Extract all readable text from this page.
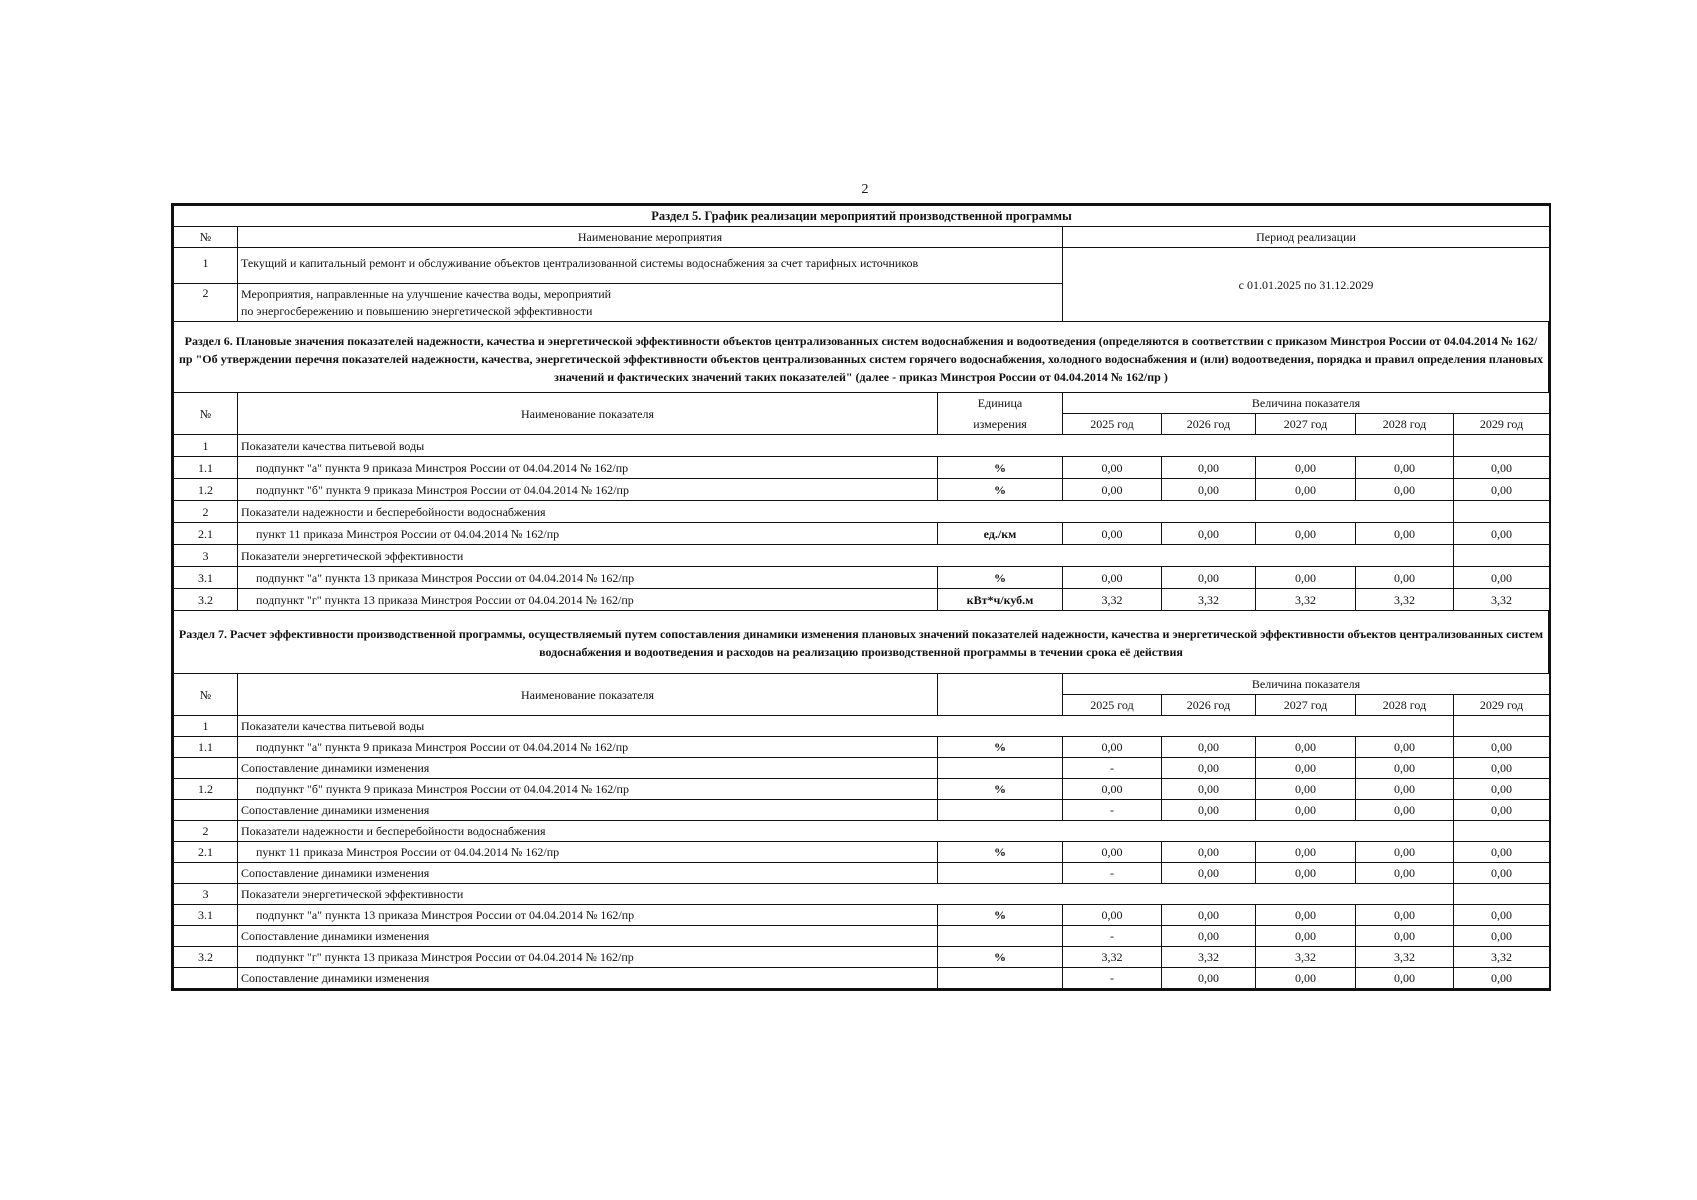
2
Раздел 5. График реализации мероприятий производственной программы		
№	Наименование мероприятия	Период реализации
1	Текущий и капитальный ремонт и обслуживание объектов централизованной системы водоснабжения за счет тарифных источников	с 01.01.2025 по 31.12.2029
2	Мероприятия, направленные на улучшение качества воды, мероприятий
по энергосбережению и повышению энергетической эффективности	
Раздел 6. Плановые значения показателей надежности, качества и энергетической эффективности объектов централизованных систем водоснабжения и водоотведения (определяются в соответствии с приказом Минстроя России от 04.04.2014 № 162/пр "Об утверждении перечня показателей надежности, качества, энергетической эффективности объектов централизованных систем горячего водоснабжения, холодного водоснабжения и (или) водоотведения, порядка и правил определения плановых значений и фактических значений таких показателей" (далее - приказ Минстроя России от 04.04.2014 № 162/пр )
№	Наименование показателя	Единица	Величина показателя					
		измерения	2025 год	2026 год	2027 год	2028 год	2029 год	
1	Показатели качества питьевой воды							
1.1	подпункт "а" пункта 9 приказа Минстроя России от 04.04.2014 № 162/пр	%	0,00	0,00	0,00	0,00	0,00	
1.2	подпункт "б" пункта 9 приказа Минстроя России от 04.04.2014 № 162/пр	%	0,00	0,00	0,00	0,00	0,00	
2	Показатели надежности и бесперебойности водоснабжения							
2.1	пункт 11 приказа Минстроя России от 04.04.2014 № 162/пр	ед./км	0,00	0,00	0,00	0,00	0,00	
3	Показатели энергетической эффективности							
3.1	подпункт "а" пункта 13 приказа Минстроя России от 04.04.2014 № 162/пр	%	0,00	0,00	0,00	0,00	0,00	
3.2	подпункт "г" пункта 13 приказа Минстроя России от 04.04.2014 № 162/пр	кВт*ч/куб.м	3,32	3,32	3,32	3,32	3,32	
Раздел 7. Расчет эффективности производственной программы, осуществляемый путем сопоставления динамики изменения плановых значений показателей надежности, качества и энергетической эффективности объектов централизованных систем водоснабжения и водоотведения и расходов на реализацию производственной программы в течении срока её действия
№	Наименование показателя		Величина показателя					
			2025 год	2026 год	2027 год	2028 год	2029 год	
1	Показатели качества питьевой воды							
1.1	подпункт "а" пункта 9 приказа Минстроя России от 04.04.2014 № 162/пр	%	0,00	0,00	0,00	0,00	0,00	
	Сопоставление динамики изменения		-	0,00	0,00	0,00	0,00	
1.2	подпункт "б" пункта 9 приказа Минстроя России от 04.04.2014 № 162/пр	%	0,00	0,00	0,00	0,00	0,00	
	Сопоставление динамики изменения		-	0,00	0,00	0,00	0,00	
2	Показатели надежности и бесперебойности водоснабжения							
2.1	пункт 11 приказа Минстроя России от 04.04.2014 № 162/пр	%	0,00	0,00	0,00	0,00	0,00	
	Сопоставление динамики изменения		-	0,00	0,00	0,00	0,00	
3	Показатели энергетической эффективности							
3.1	подпункт "а" пункта 13 приказа Минстроя России от 04.04.2014 № 162/пр	%	0,00	0,00	0,00	0,00	0,00	
	Сопоставление динамики изменения		-	0,00	0,00	0,00	0,00	
3.2	подпункт "г" пункта 13 приказа Минстроя России от 04.04.2014 № 162/пр	%	3,32	3,32	3,32	3,32	3,32	
	Сопоставление динамики изменения		-	0,00	0,00	0,00	0,00	
